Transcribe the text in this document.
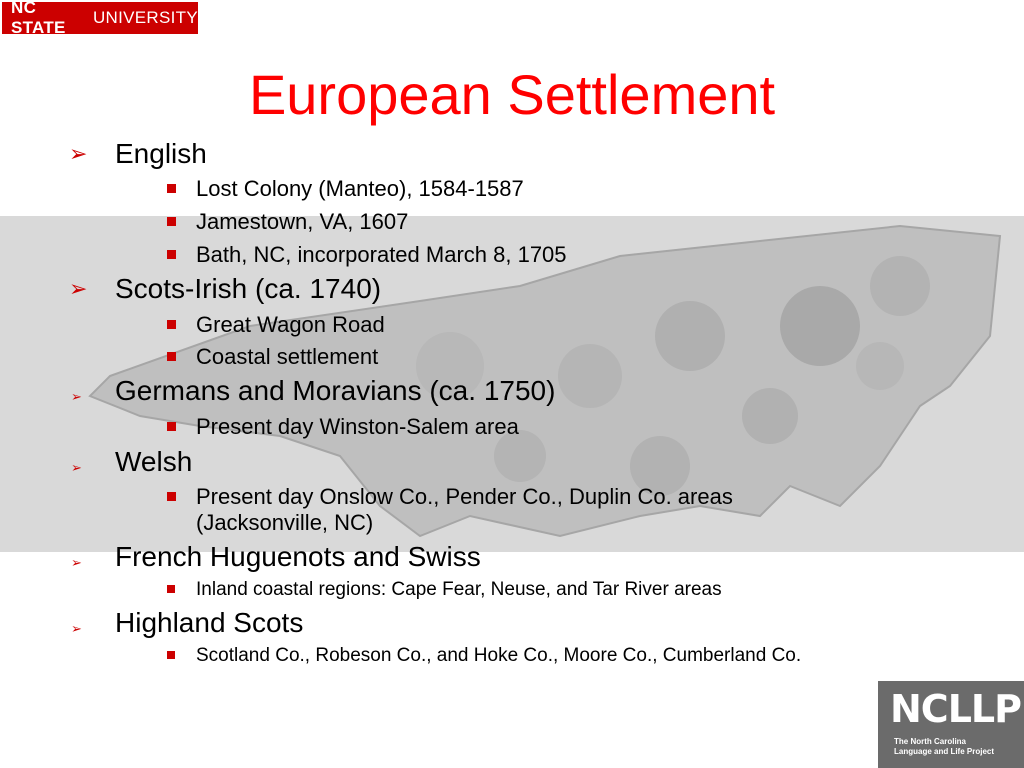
NC STATE
UNIVERSITY
European Settlement
➢ English
Lost Colony (Manteo), 1584-1587
Jamestown, VA, 1607
Bath, NC, incorporated March 8, 1705
➢ Scots-Irish (ca. 1740)
Great Wagon Road
Coastal settlement
➢ Germans and Moravians (ca. 1750)
Present day Winston-Salem area
➢ Welsh
Present day Onslow Co., Pender Co., Duplin Co. areas
(Jacksonville, NC)
➢ French Huguenots and Swiss
Inland coastal regions: Cape Fear, Neuse, and Tar River areas
➢ Highland Scots
Scotland Co., Robeson Co., and Hoke Co., Moore Co., Cumberland Co.
NCLLP
The North Carolina
Language and Life Project
